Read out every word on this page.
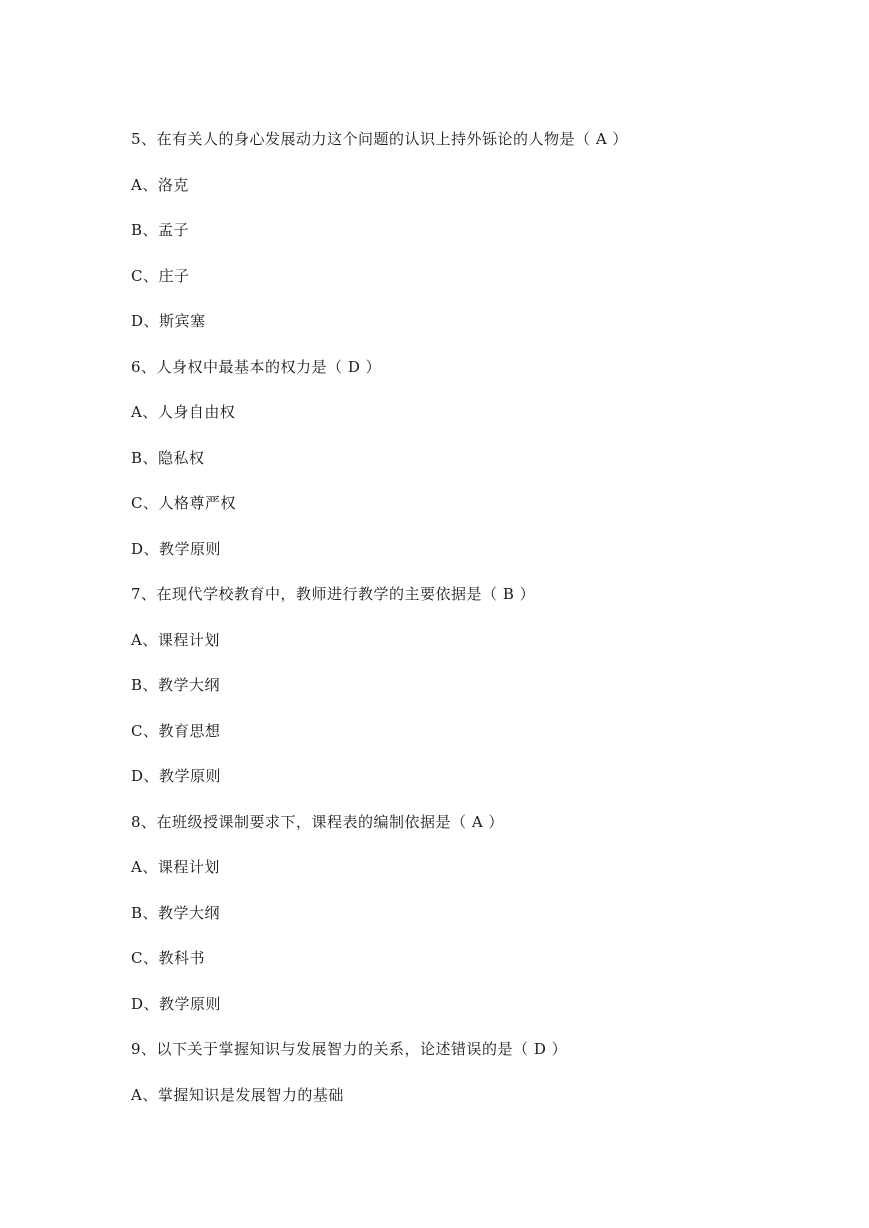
5、在有关人的身心发展动力这个问题的认识上持外铄论的人物是（ A ）
A、洛克
B、孟子
C、庄子
D、斯宾塞
6、人身权中最基本的权力是（ D ）
A、人身自由权
B、隐私权
C、人格尊严权
D、教学原则
7、在现代学校教育中，教师进行教学的主要依据是（ B ）
A、课程计划
B、教学大纲
C、教育思想
D、教学原则
8、在班级授课制要求下，课程表的编制依据是（ A ）
A、课程计划
B、教学大纲
C、教科书
D、教学原则
9、以下关于掌握知识与发展智力的关系，论述错误的是（ D ）
A、掌握知识是发展智力的基础
